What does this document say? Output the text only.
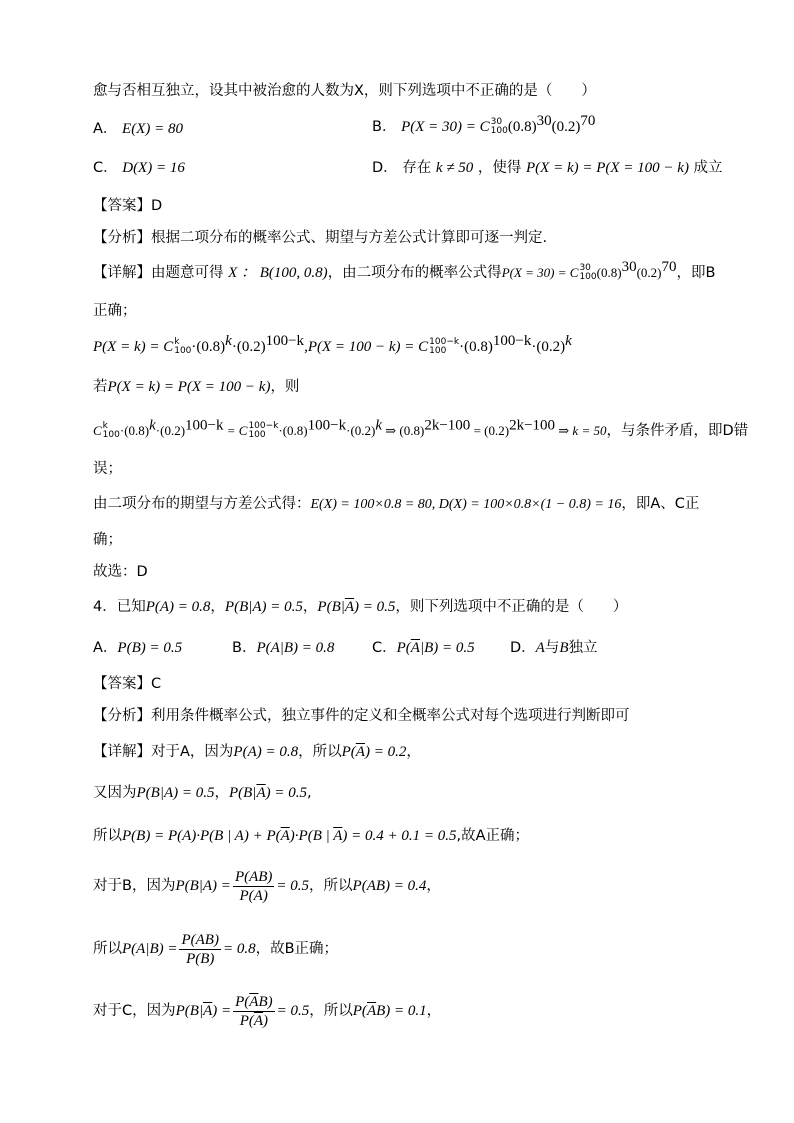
愈与否相互独立，设其中被治愈的人数为X，则下列选项中不正确的是（　　）
A． E(X) = 80	B． P(X = 30) = C 30
100 $(0.8)^{30}(0.2)^{70}$
C． D(X) = 16	D． 存在 k ≠ 50 ，使得 P(X = k) = P(X = 100 − k) 成立
【答案】D
【分析】根据二项分布的概率公式、期望与方差公式计算即可逐一判定.
【详解】由题意可得 X ： B(100, 0.8)，由二项分布的概率公式得P(X = 30) = C 30
100 $(0.8)^{30}(0.2)^{70}$，即B
正确；
P(X = k) = C k
$100 \cdot(0.8)^k\cdot(0.2)^{100-k},P(X = 100 - k) = C$ 100−k
$100 \cdot(0.8)^{100-k}\cdot(0.2)^k$
若P(X = k) = P(X = 100 − k)，则
C k
$100 \cdot(0.8)^k\cdot(0.2)^{100-k} = C$ 100−k
$100 \cdot(0.8)^{100-k}\cdot(0.2)^k$ ⇒ $(0.8)^{2k-100} = (0.2)^{2k-100}$ ⇒ k = 50，与条件矛盾，即D错
误；
由二项分布的期望与方差公式得：E(X) = 100×0.8 = 80, D(X) = 100×0.8×(1 − 0.8) = 16，即A、C正
确；
故选：D
4．已知P(A) = 0.8，P(B|A) = 0.5，$P(B|\overline{A}) = 0.5$，则下列选项中不正确的是（　　）
A．P(B) = 0.5	B．P(A|B) = 0.8	C．$P(\overline{A}|B) = 0.5$ D．A与B独立
【答案】C
【分析】利用条件概率公式，独立事件的定义和全概率公式对每个选项进行判断即可
【详解】对于A，因为P(A) = 0.8，所以$P(\overline{A}) = 0.2$，
又因为P(B|A) = 0.5，$P(B|\overline{A}) = 0.5$,
所以P(B) = P(A)·P(B | $A) + P(\overline{A})\cdot P(B$ | $\overline{A}) = 0.4 + 0.1 = 0.5$,故A正确；
对于B，因为$P(B|A) = \frac{P(AB)}{P(A)} = 0.5$，所以P(AB) = 0.4，
所以$P(A|B) = \frac{P(AB)}{P(B)} = 0.8$，故B正确；
对于C，因为$P(B|\overline{A}) = \frac{P(\overline{A}B)}{P(\overline{A})} = 0.5$，所以$P(\overline{A}B) = 0.1$，
